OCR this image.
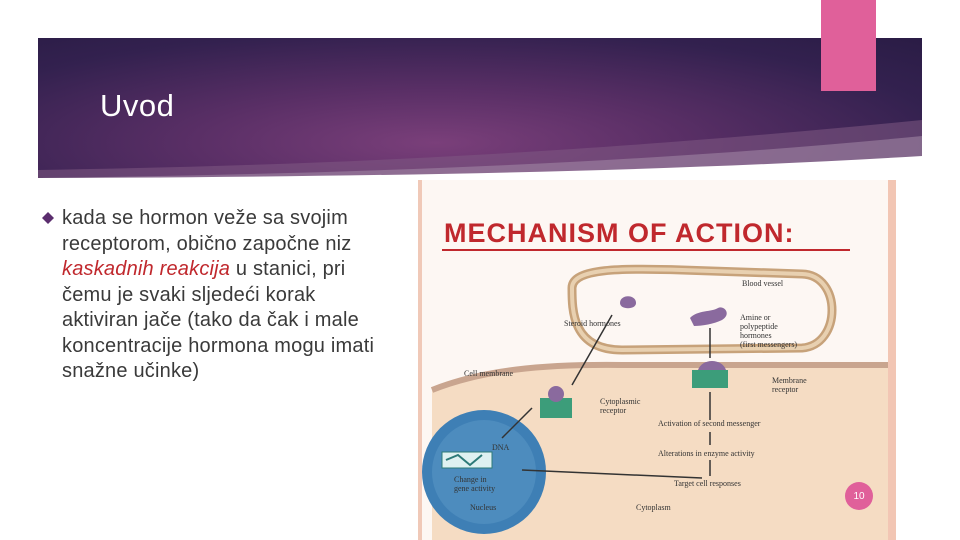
Uvod

kada se hormon veže sa svojim receptorom, obično započne niz kaskadnih reakcija u stanici, pri čemu je svaki sljedeći korak aktiviran jače (tako da čak i male koncentracije hormona mogu imati snažne učinke)

MECHANISM OF ACTION:
Blood vessel
Steroid hormones
Amine or
polypeptide
hormones
(first messengers)
Cell membrane
Membrane
receptor
Cytoplasmic
receptor
Activation of second messenger
Alterations in enzyme activity
DNA
Change in
gene activity
Target cell responses
Nucleus	Cytoplasm
10
